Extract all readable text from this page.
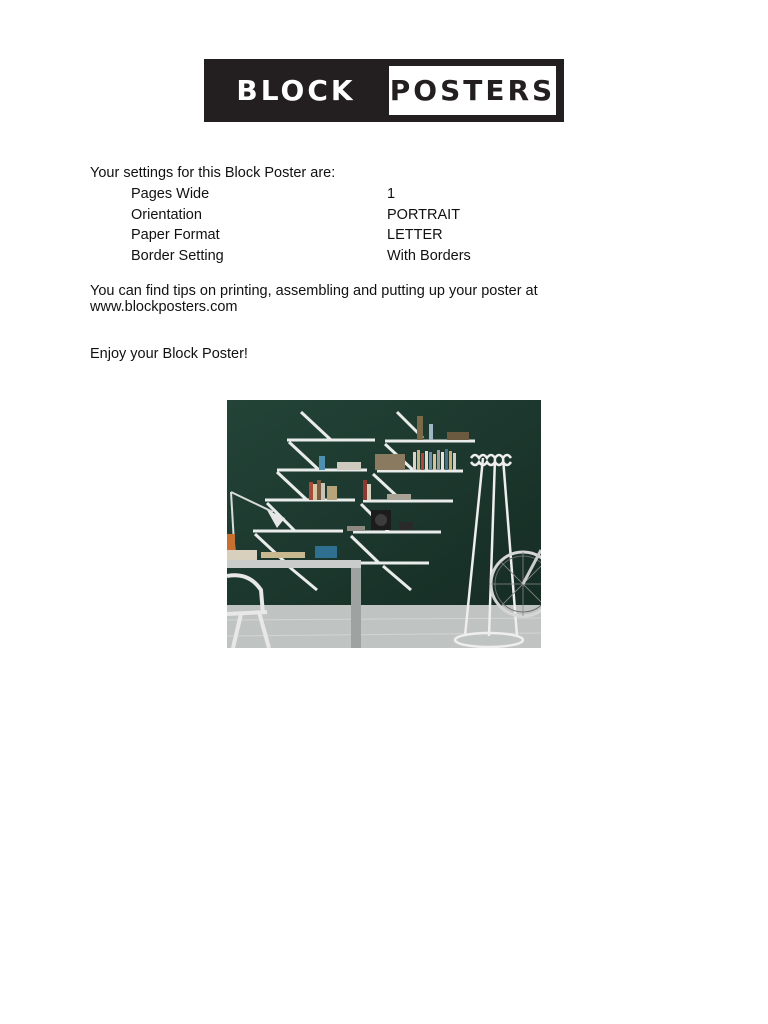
BLOCK	POSTERS
Your settings for this Block Poster are:
Pages Wide	1
Orientation	PORTRAIT
Paper Format	LETTER
Border Setting	With Borders
You can find tips on printing, assembling and putting up your poster at
www.blockposters.com
Enjoy your Block Poster!
